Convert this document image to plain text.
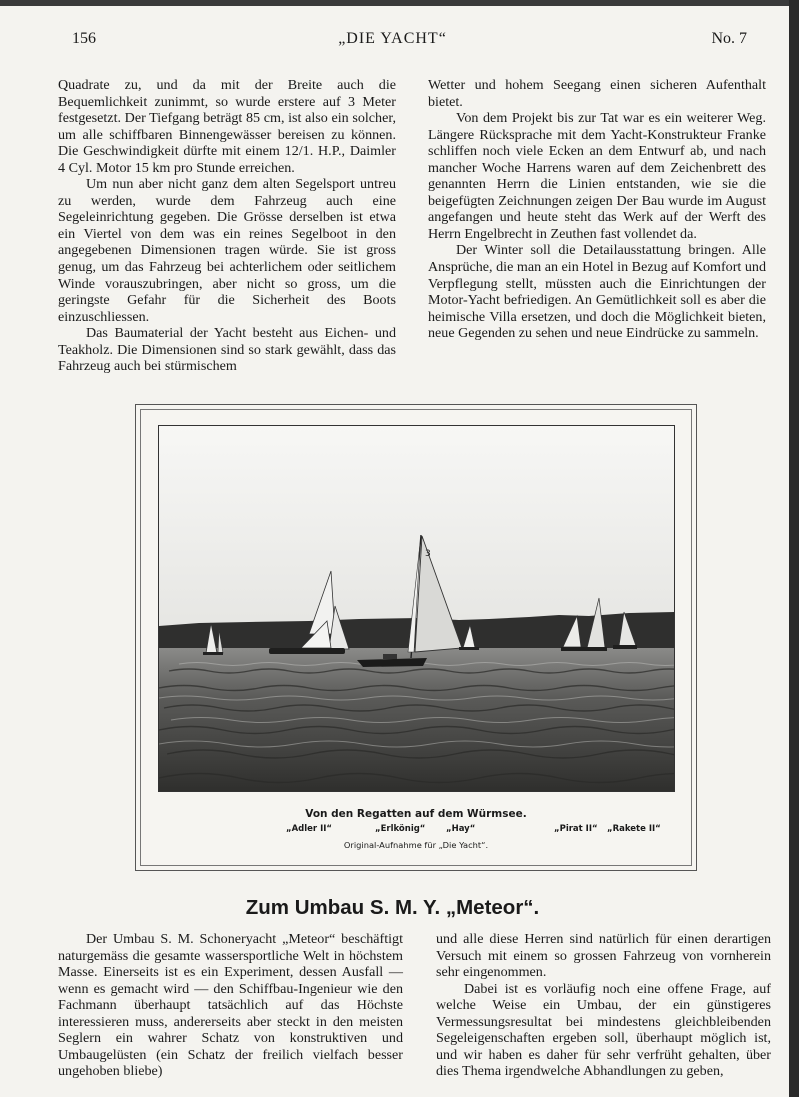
156	„DIE YACHT“	No. 7

Quadrate zu, und da mit der Breite auch die Bequemlichkeit zunimmt, so wurde erstere auf 3 Meter festgesetzt. Der Tiefgang beträgt 85 cm, ist also ein solcher, um alle schiffbaren Binnengewässer bereisen zu können. Die Geschwindigkeit dürfte mit einem 12/1. H.P., Daimler 4 Cyl. Motor 15 km pro Stunde erreichen.

Um nun aber nicht ganz dem alten Segelsport untreu zu werden, wurde dem Fahrzeug auch eine Segeleinrichtung gegeben. Die Grösse derselben ist etwa ein Viertel von dem was ein reines Segelboot in den angegebenen Dimensionen tragen würde. Sie ist gross genug, um das Fahrzeug bei achterlichem oder seitlichem Winde vorauszubringen, aber nicht so gross, um die geringste Gefahr für die Sicherheit des Boots einzuschliessen.

Das Baumaterial der Yacht besteht aus Eichen- und Teakholz. Die Dimensionen sind so stark gewählt, dass das Fahrzeug auch bei stürmischem

Wetter und hohem Seegang einen sicheren Aufenthalt bietet.

Von dem Projekt bis zur Tat war es ein weiterer Weg. Längere Rücksprache mit dem Yacht-Konstrukteur Franke schliffen noch viele Ecken an dem Entwurf ab, und nach mancher Woche Harrens waren auf dem Zeichenbrett des genannten Herrn die Linien entstanden, wie sie die beigefügten Zeichnungen zeigen Der Bau wurde im August angefangen und heute steht das Werk auf der Werft des Herrn Engelbrecht in Zeuthen fast vollendet da.

Der Winter soll die Detailausstattung bringen. Alle Ansprüche, die man an ein Hotel in Bezug auf Komfort und Verpflegung stellt, müssten auch die Einrichtungen der Motor-Yacht befriedigen. An Gemütlichkeit soll es aber die heimische Villa ersetzen, und doch die Möglichkeit bieten, neue Gegenden zu sehen und neue Eindrücke zu sammeln.

3
Von den Regatten auf dem Würmsee.
„Adler II“	„Erlkönig“ „Hay“	„Pirat II“ „Rakete II“
Original-Aufnahme für „Die Yacht“.
Zum Umbau S. M. Y. „Meteor“.

Der Umbau S. M. Schoneryacht „Meteor“ beschäftigt naturgemäss die gesamte wassersportliche Welt in höchstem Masse. Einerseits ist es ein Experiment, dessen Ausfall — wenn es gemacht wird — den Schiffbau-Ingenieur wie den Fachmann überhaupt tatsächlich auf das Höchste interessieren muss, andererseits aber steckt in den meisten Seglern ein wahrer Schatz von konstruktiven und Umbaugelüsten (ein Schatz der freilich vielfach besser ungehoben bliebe)

und alle diese Herren sind natürlich für einen derartigen Versuch mit einem so grossen Fahrzeug von vornherein sehr eingenommen.

Dabei ist es vorläufig noch eine offene Frage, auf welche Weise ein Umbau, der ein günstigeres Vermessungsresultat bei mindestens gleichbleibenden Segeleigenschaften ergeben soll, überhaupt möglich ist, und wir haben es daher für sehr verfrüht gehalten, über dies Thema irgendwelche Abhandlungen zu geben,
